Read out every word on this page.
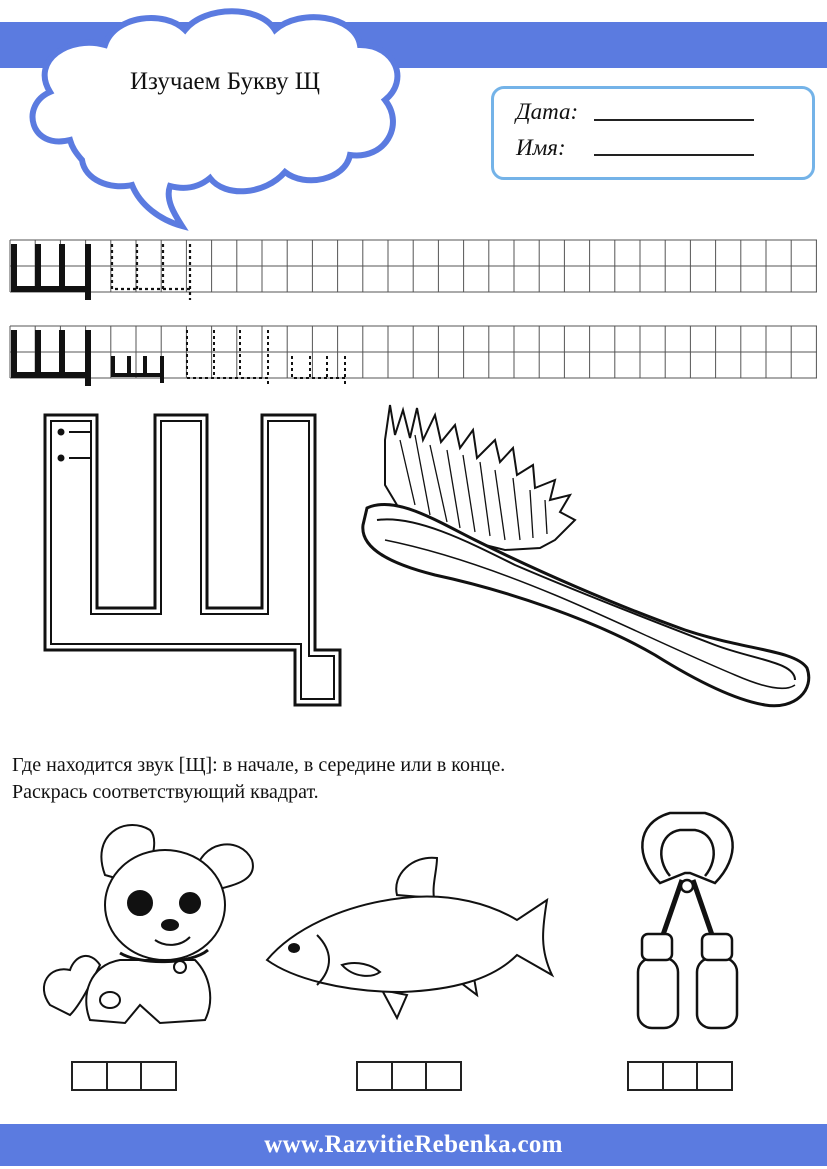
Изучаем Букву Щ
Дата:
Имя:
Где находится звук [Щ]: в начале, в середине или в конце.
Раскрась соответствующий квадрат.
www.RazvitieRebenka.com
